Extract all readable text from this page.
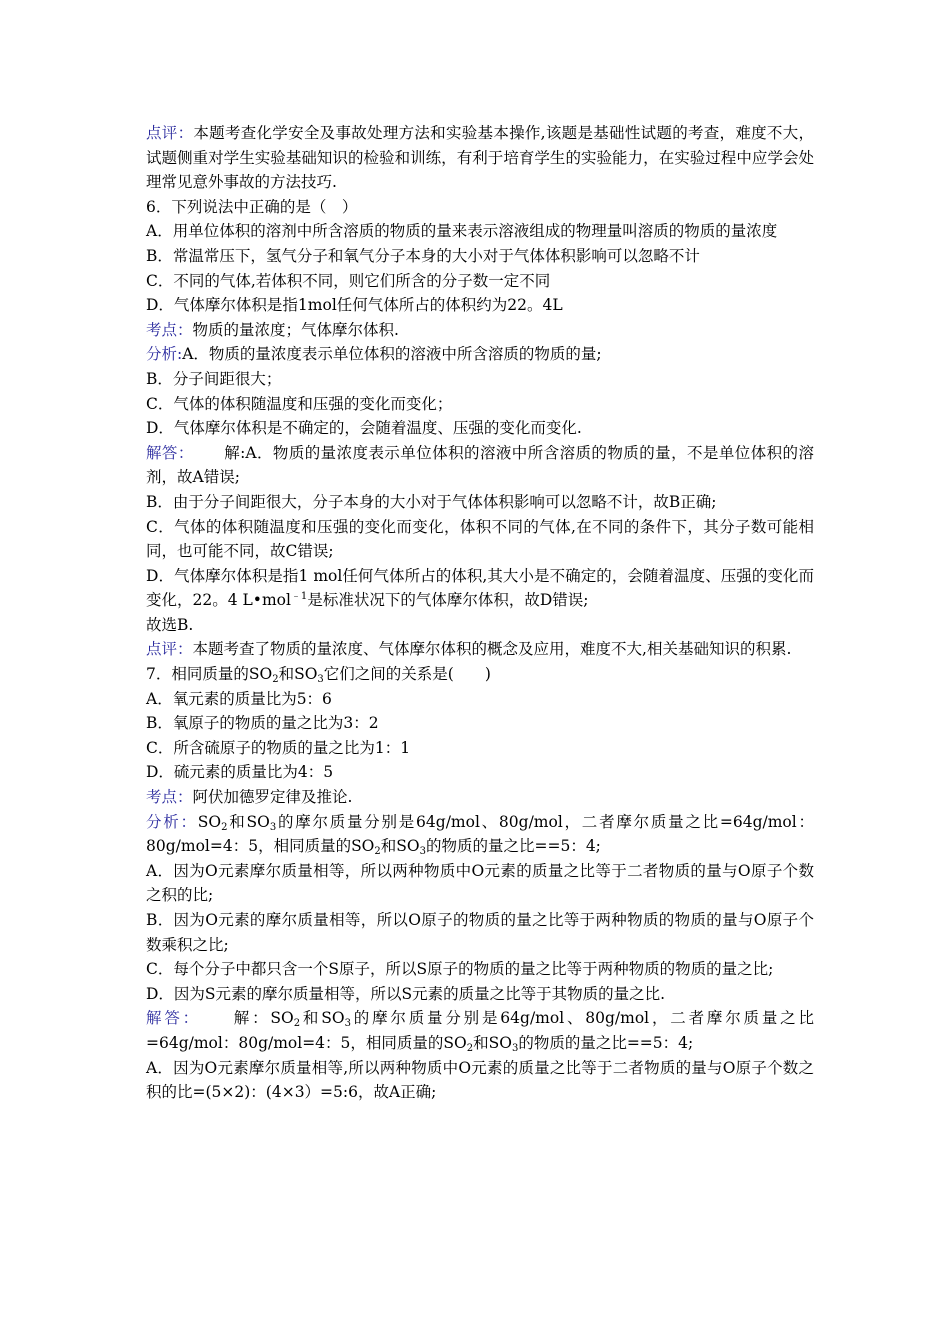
点评：本题考查化学安全及事故处理方法和实验基本操作,该题是基础性试题的考查，难度不大，试题侧重对学生实验基础知识的检验和训练，有利于培育学生的实验能力，在实验过程中应学会处理常见意外事故的方法技巧.

6．下列说法中正确的是（　）

A．用单位体积的溶剂中所含溶质的物质的量来表示溶液组成的物理量叫溶质的物质的量浓度

B．常温常压下，氢气分子和氧气分子本身的大小对于气体体积影响可以忽略不计

C．不同的气体,若体积不同，则它们所含的分子数一定不同

D．气体摩尔体积是指1mol任何气体所占的体积约为22。4L

考点：物质的量浓度；气体摩尔体积.

分析:A．物质的量浓度表示单位体积的溶液中所含溶质的物质的量;

B．分子间距很大；

C．气体的体积随温度和压强的变化而变化；

D．气体摩尔体积是不确定的，会随着温度、压强的变化而变化.

解答： 解:A．物质的量浓度表示单位体积的溶液中所含溶质的物质的量，不是单位体积的溶剂，故A错误;

B．由于分子间距很大，分子本身的大小对于气体体积影响可以忽略不计，故B正确;

C．气体的体积随温度和压强的变化而变化，体积不同的气体,在不同的条件下，其分子数可能相同，也可能不同，故C错误;

D．气体摩尔体积是指1 mol任何气体所占的体积,其大小是不确定的，会随着温度、压强的变化而变化，22。4 L•mol$^{﹣1}$是标准状况下的气体摩尔体积，故D错误;

故选B.

点评：本题考查了物质的量浓度、气体摩尔体积的概念及应用，难度不大,相关基础知识的积累.

7．相同质量的$SO_2$和$SO_3$它们之间的关系是(　　)

A．氧元素的质量比为5：6

B．氧原子的物质的量之比为3：2

C．所含硫原子的物质的量之比为1：1

D．硫元素的质量比为4：5

考点：阿伏加德罗定律及推论.

分析：$SO_2$和$SO_3$的摩尔质量分别是64g/mol、80g/mol，二者摩尔质量之比=64g/mol：80g/mol=4：5，相同质量的$SO_2$和$SO_3$的物质的量之比==5：4;

A．因为O元素摩尔质量相等，所以两种物质中O元素的质量之比等于二者物质的量与O原子个数之积的比;

B．因为O元素的摩尔质量相等，所以O原子的物质的量之比等于两种物质的物质的量与O原子个数乘积之比;

C．每个分子中都只含一个S原子，所以S原子的物质的量之比等于两种物质的物质的量之比;

D．因为S元素的摩尔质量相等，所以S元素的质量之比等于其物质的量之比.

解答： 解：$SO_2$和$SO_3$的摩尔质量分别是64g/mol、80g/mol，二者摩尔质量之比=64g/mol：80g/mol=4：5，相同质量的$SO_2$和$SO_3$的物质的量之比==5：4;

A．因为O元素摩尔质量相等,所以两种物质中O元素的质量之比等于二者物质的量与O原子个数之积的比=(5×2)：(4×3）=5:6，故A正确;
